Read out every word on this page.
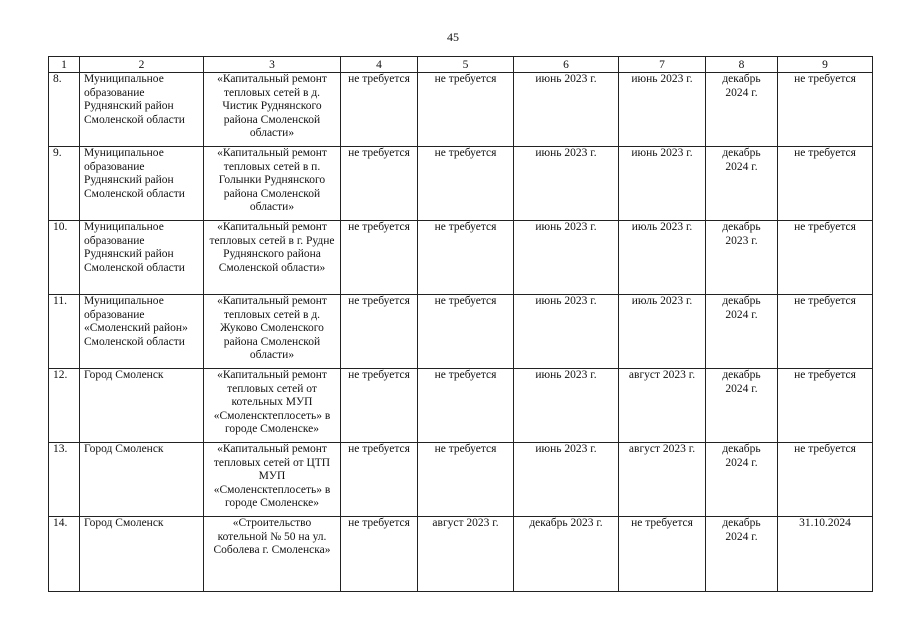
45
1	2	3	4	5	6	7	8	9
8.	Муниципальное образование Руднянский район Смоленской области	«Капитальный ремонт тепловых сетей в д. Чистик Руднянского района Смоленской области»	не требуется	не требуется	июнь 2023 г.	июнь 2023 г.	декабрь 2024 г.	не требуется
9.	Муниципальное образование Руднянский район Смоленской области	«Капитальный ремонт тепловых сетей в п. Голынки Руднянского района Смоленской области»	не требуется	не требуется	июнь 2023 г.	июнь 2023 г.	декабрь 2024 г.	не требуется
10.	Муниципальное образование Руднянский район Смоленской области	«Капитальный ремонт тепловых сетей в г. Рудне Руднянского района Смоленской области»	не требуется	не требуется	июнь 2023 г.	июль 2023 г.	декабрь 2023 г.	не требуется
11.	Муниципальное образование «Смоленский район» Смоленской области	«Капитальный ремонт тепловых сетей в д. Жуково Смоленского района Смоленской области»	не требуется	не требуется	июнь 2023 г.	июль 2023 г.	декабрь 2024 г.	не требуется
12.	Город Смоленск	«Капитальный ремонт тепловых сетей от котельных МУП «Смоленсктеплосеть» в городе Смоленске»	не требуется	не требуется	июнь 2023 г.	август 2023 г.	декабрь 2024 г.	не требуется
13.	Город Смоленск	«Капитальный ремонт тепловых сетей от ЦТП МУП «Смоленсктеплосеть» в городе Смоленске»	не требуется	не требуется	июнь 2023 г.	август 2023 г.	декабрь 2024 г.	не требуется
14.	Город Смоленск	«Строительство котельной № 50 на ул. Соболева г. Смоленска»	не требуется	август 2023 г.	декабрь 2023 г.	не требуется	декабрь 2024 г.	31.10.2024
